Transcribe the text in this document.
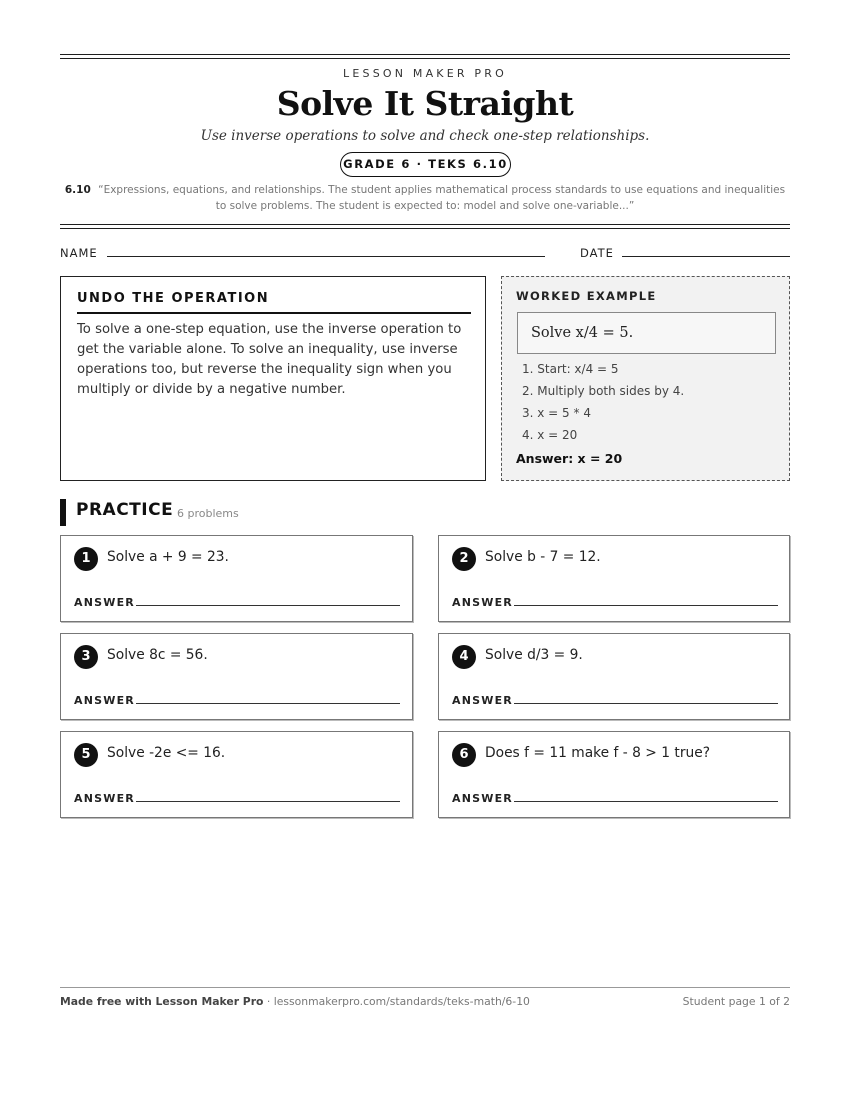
LESSON MAKER PRO
Solve It Straight
Use inverse operations to solve and check one-step relationships.
GRADE 6 · TEKS 6.10
6.10 “Expressions, equations, and relationships. The student applies mathematical process standards to use equations and inequalities to solve problems. The student is expected to: model and solve one-variable...”
NAME	DATE
UNDO THE OPERATION
To solve a one-step equation, use the inverse operation to get the variable alone. To solve an inequality, use inverse operations too, but reverse the inequality sign when you multiply or divide by a negative number.
WORKED EXAMPLE
Solve x/4 = 5.
1. Start: x/4 = 5
2. Multiply both sides by 4.
3. x = 5 * 4
4. x = 20
Answer: x = 20
PRACTICE 6 problems
1	Solve a + 9 = 23.
ANSWER
2	Solve b - 7 = 12.
ANSWER
3	Solve 8c = 56.
ANSWER
4	Solve d/3 = 9.
ANSWER
5	Solve -2e <= 16.
ANSWER
6	Does f = 11 make f - 8 > 1 true?
ANSWER
Made free with Lesson Maker Pro · lessonmakerpro.com/standards/teks-math/6-10	Student page 1 of 2
